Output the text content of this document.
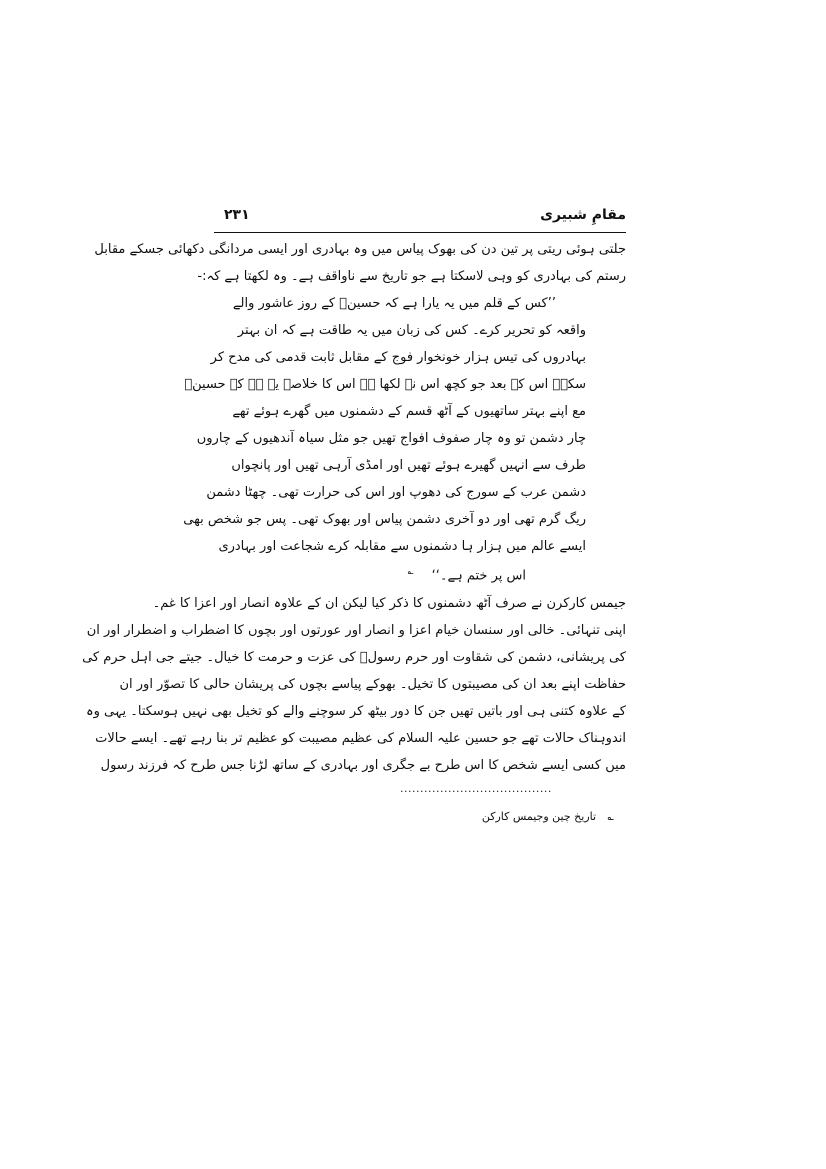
مقامِ شبیری
۲۳۱
جلتی ہوئی ریتی پر تین دن کی بھوک پیاس میں وہ بہادری اور ایسی مردانگی دکھائی جسکے مقابل
رستم کی بہادری کو وہی لاسکتا ہے جو تاریخ سے ناواقف ہے۔ وہ لکھتا ہے کہ:-
’’کس کے قلم میں یہ یارا ہے کہ حسینؑ کے روز عاشور والے
واقعہ کو تحریر کرے۔ کس کی زبان میں یہ طاقت ہے کہ ان بہتر
بہادروں کی تیس ہزار خونخوار فوج کے مقابل ثابت قدمی کی مدح کر
سکے۔ اس کے بعد جو کچھ اس نے لکھا ہے اس کا خلاصہ یہ ہے کہ حسینؑ
مع اپنے بہتر ساتھیوں کے آٹھ قسم کے دشمنوں میں گھرے ہوئے تھے
چار دشمن تو وہ چار صفوف افواج تھیں جو مثل سیاہ آندھیوں کے چاروں
طرف سے انہیں گھیرے ہوئے تھیں اور امڈی آرہی تھیں اور پانچواں
دشمن عرب کے سورج کی دھوپ اور اس کی حرارت تھی۔ چھٹا دشمن
ریگ گرم تھی اور دو آخری دشمن پیاس اور بھوک تھی۔ پس جو شخص بھی
ایسے عالم میں ہزار ہا دشمنوں سے مقابلہ کرے شجاعت اور بہادری
اس پر ختم ہے۔‘‘ ؎
جیمس کارکرن نے صرف آٹھ دشمنوں کا ذکر کیا لیکن ان کے علاوہ انصار اور اعزا کا غم۔
اپنی تنہائی۔ خالی اور سنسان خیام اعزا و انصار اور عورتوں اور بچوں کا اضطراب و اضطرار اور ان
کی پریشانی، دشمن کی شقاوت اور حرم رسولؐ کی عزت و حرمت کا خیال۔ جیتے جی اہل حرم کی
حفاظت اپنے بعد ان کی مصیبتوں کا تخیل۔ بھوکے پیاسے بچوں کی پریشان حالی کا تصوّر اور ان
کے علاوہ کتنی ہی اور باتیں تھیں جن کا دور بیٹھ کر سوچنے والے کو تخیل بھی نہیں ہوسکتا۔ یہی وہ
اندوہناک حالات تھے جو حسین علیہ السلام کی عظیم مصیبت کو عظیم تر بنا رہے تھے۔ ایسے حالات
میں کسی ایسے شخص کا اس طرح بے جگری اور بہادری کے ساتھ لڑنا جس طرح کہ فرزند رسول
......................................
؎ تاریخ چین وجیمس کارکن
